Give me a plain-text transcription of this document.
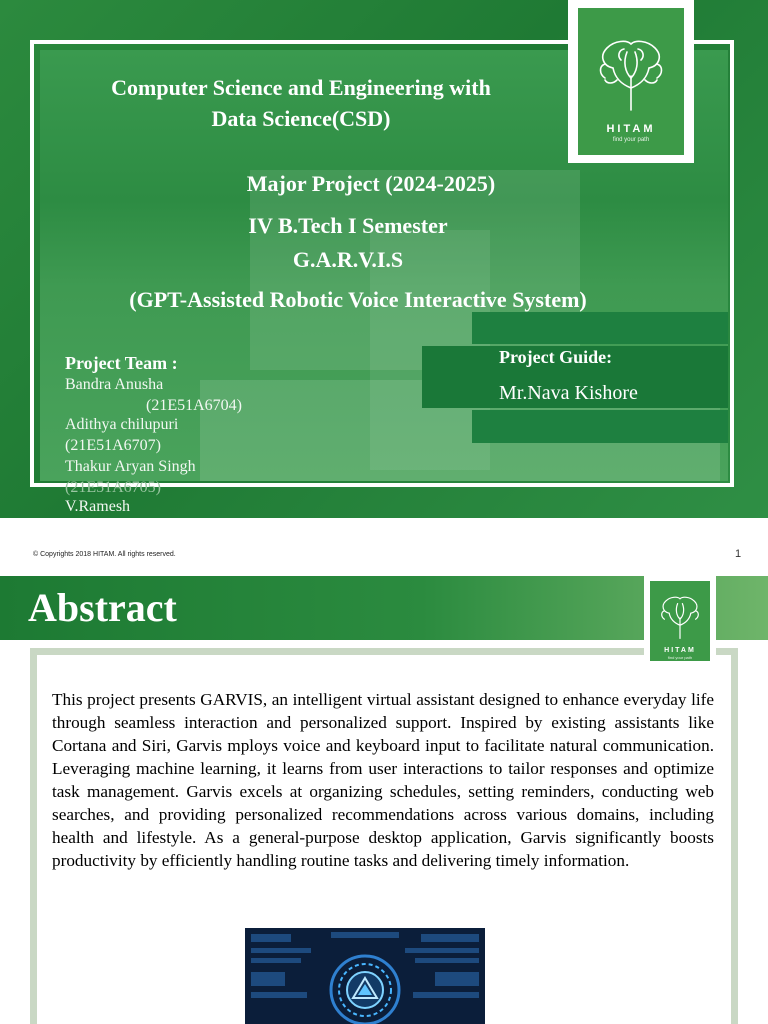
HITAM
find your path
Computer Science and Engineering with
Data Science(CSD)
Major Project (2024-2025)
IV B.Tech I Semester
G.A.R.V.I.S
(GPT-Assisted Robotic Voice Interactive System)
Project Team :
Bandra Anusha
(21E51A6704)
Adithya chilupuri
(21E51A6707)
Thakur Aryan Singh
(21E51A6705)
V.Ramesh
Project Guide:
Mr.Nava Kishore
© Copyrights 2018 HITAM. All rights reserved.	1
Abstract
HITAM
find your path
This project presents GARVIS, an intelligent virtual assistant designed to enhance everyday life through seamless interaction and personalized support. Inspired by existing assistants like Cortana and Siri, Garvis mploys voice and keyboard input to facilitate natural communication. Leveraging machine learning, it learns from user interactions to tailor responses and optimize task management. Garvis excels at organizing schedules, setting reminders, conducting web searches, and providing personalized recommendations across various domains, including health and lifestyle. As a general-purpose desktop application, Garvis significantly boosts productivity by efficiently handling routine tasks and delivering timely information.
